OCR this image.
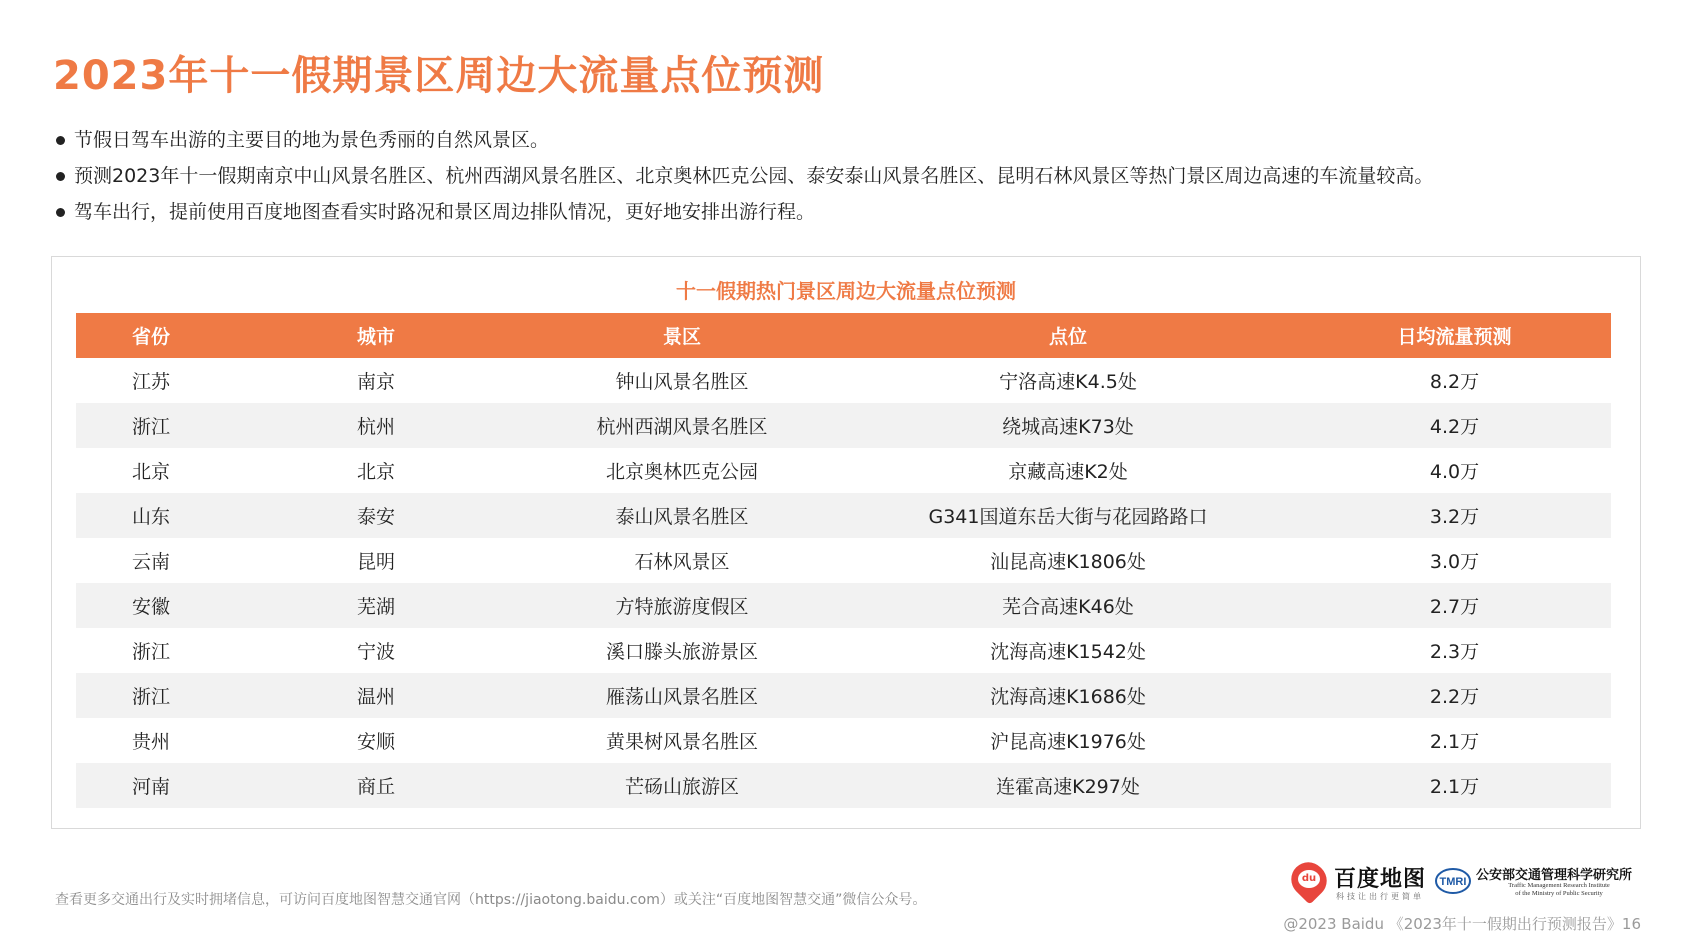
2023年十一假期景区周边大流量点位预测
节假日驾车出游的主要目的地为景色秀丽的自然风景区。
预测2023年十一假期南京中山风景名胜区、杭州西湖风景名胜区、北京奥林匹克公园、泰安泰山风景名胜区、昆明石林风景区等热门景区周边高速的车流量较高。
驾车出行，提前使用百度地图查看实时路况和景区周边排队情况，更好地安排出游行程。
十一假期热门景区周边大流量点位预测
省份	城市	景区	点位	日均流量预测
江苏	南京	钟山风景名胜区	宁洛高速K4.5处	8.2万
浙江	杭州	杭州西湖风景名胜区	绕城高速K73处	4.2万
北京	北京	北京奥林匹克公园	京藏高速K2处	4.0万
山东	泰安	泰山风景名胜区	G341国道东岳大街与花园路路口	3.2万
云南	昆明	石林风景区	汕昆高速K1806处	3.0万
安徽	芜湖	方特旅游度假区	芜合高速K46处	2.7万
浙江	宁波	溪口滕头旅游景区	沈海高速K1542处	2.3万
浙江	温州	雁荡山风景名胜区	沈海高速K1686处	2.2万
贵州	安顺	黄果树风景名胜区	沪昆高速K1976处	2.1万
河南	商丘	芒砀山旅游区	连霍高速K297处	2.1万
du 百度地图
科技让出行更简单
TMRI 公安部交通管理科学研究所
Traffic Management Research Institute
of the Ministry of Public Security
查看更多交通出行及实时拥堵信息，可访问百度地图智慧交通官网（https://jiaotong.baidu.com）或关注“百度地图智慧交通”微信公众号。
@2023 Baidu 《2023年十一假期出行预测报告》16
